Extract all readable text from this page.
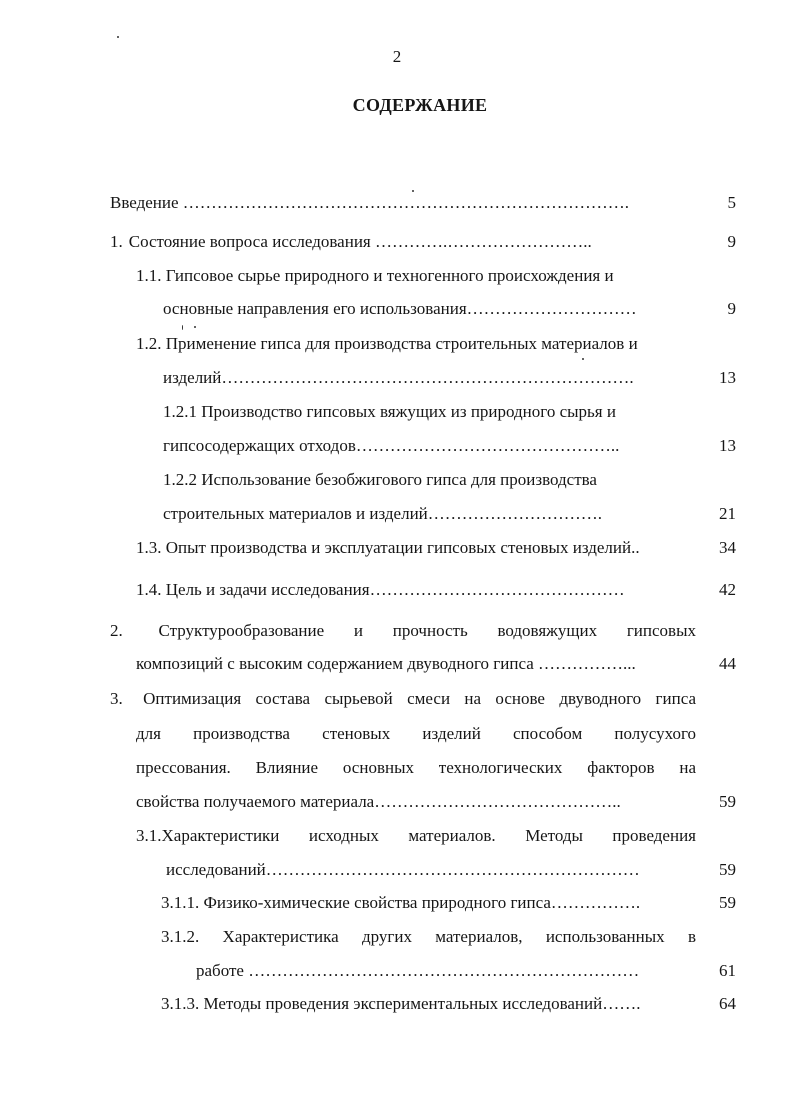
2
СОДЕРЖАНИЕ
Введение …………………………………………………………………….	5
1. Состояние вопроса исследования ………….……………………..	9
1.1. Гипсовое сырье природного и техногенного происхождения и
основные направления его использования…………………………	9
1.2. Применение гипса для производства строительных материалов и
изделий……………………………………………………………….	13
1.2.1 Производство гипсовых вяжущих из природного сырья и
гипсосодержащих отходов………………………………………..	13
1.2.2 Использование безобжигового гипса для производства
строительных материалов и изделий………………………….	21
1.3. Опыт производства и эксплуатации гипсовых стеновых изделий..	34
1.4. Цель и задачи исследования………………………………………	42
2. Структурообразование и прочность водовяжущих гипсовых
композиций с высоким содержанием двуводного гипса ……………...	44
3. Оптимизация состава сырьевой смеси на основе двуводного гипса
для производства стеновых изделий способом полусухого
прессования. Влияние основных технологических факторов на
свойства получаемого материала……………………………………..	59
3.1.Характеристики исходных материалов. Методы проведения
исследований…………………………………………………………	59
3.1.1. Физико-химические свойства природного гипса…………….	59
3.1.2. Характеристика других материалов, использованных в
работе ……………………………………………………………	61
3.1.3. Методы проведения экспериментальных исследований…….	64
